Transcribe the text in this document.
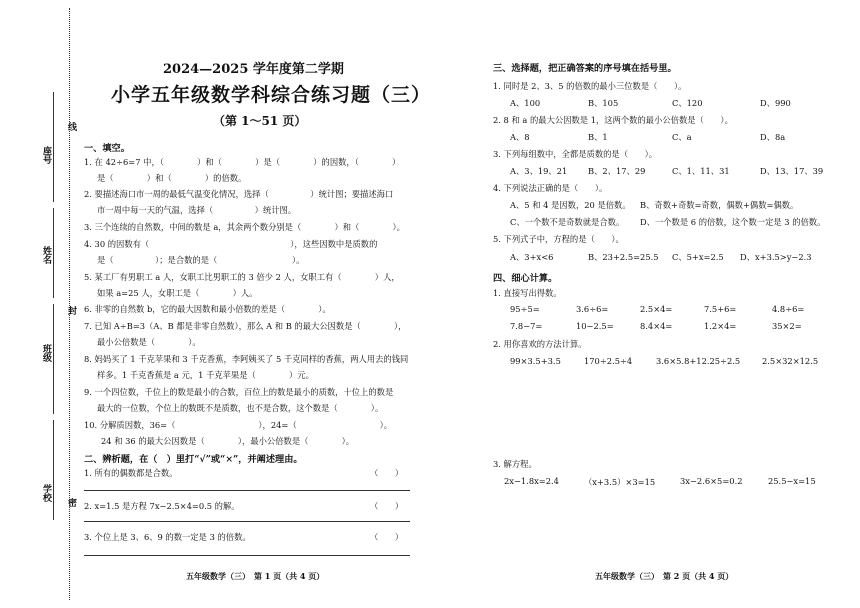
线
封
密
座号
姓名
班级
学校
2024—2025 学年度第二学期
小学五年级数学科综合练习题（三）
（第 1～51 页）
一、填空。
1. 在 42÷6=7 中，（　　　　）和（　　　　）是（　　　　）的因数，（　　　　）
是（　　　　）和（　　　　）的倍数。
2. 要描述海口市一周的最低气温变化情况，选择（　　　　　）统计图；要描述海口
市一周中每一天的气温，选择（　　　　　）统计图。
3. 三个连续的自然数，中间的数是 a，其余两个数分别是（　　　　）和（　　　　）。
4. 30 的因数有（　　　　　　　　　　　　　　　　　），这些因数中是质数的
是（　　　　　）；是合数的是（　　　　　　　　　）。
5. 某工厂有男职工 a 人，女职工比男职工的 3 倍少 2 人，女职工有（　　　　）人，
如果 a=25 人，女职工是（　　　　）人。
6. 非零的自然数 b，它的最大因数和最小倍数的差是（　　　　）。
7. 已知 A÷B=3（A、B 都是非零自然数），那么 A 和 B 的最大公因数是（　　　　），
最小公倍数是（　　　　）。
8. 妈妈买了 1 千克苹果和 3 千克香蕉，李阿姨买了 5 千克同样的香蕉，两人用去的钱同
样多。1 千克香蕉是 a 元，1 千克苹果是（　　　　）元。
9. 一个四位数，千位上的数是最小的合数，百位上的数是最小的质数，十位上的数是
最大的一位数，个位上的数既不是质数，也不是合数，这个数是（　　　　）。
10. 分解质因数，36=（　　　　　　　　　　），24=（　　　　　　　　　　）。
24 和 36 的最大公因数是（　　　　），最小公倍数是（　　　　）。
二、辨析题，在（　）里打“√”或“×”，并阐述理由。
1. 所有的偶数都是合数。	（　　）
2. x=1.5 是方程 7x−2.5×4=0.5 的解。	（　　）
3. 个位上是 3、6、9 的数一定是 3 的倍数。	（　　）
五年级数学（三）　第 1 页（共 4 页）
三、选择题，把正确答案的序号填在括号里。
1. 同时是 2、3、5 的倍数的最小三位数是（　　）。
A、100	B、105	C、120	D、990
2. 8 和 a 的最大公因数是 1，这两个数的最小公倍数是（　　）。
A、8	B、1	C、a	D、8a
3. 下列每组数中，全都是质数的是（　　）。
A、3、19、21 B、2、17、29	C、1、11、31	D、13、17、39
4. 下列说法正确的是（　　）。
A、5 和 4 是因数，20 是倍数。 B、奇数+奇数=奇数，偶数+偶数=偶数。
C、一个数不是奇数就是合数。 D、一个数是 6 的倍数，这个数一定是 3 的倍数。
5. 下列式子中，方程的是（　　）。
A、3+x<6	B、23+2.5=25.5 C、5+x=2.5 D、x+3.5>y−2.3
四、细心计算。
1. 直接写出得数。
95÷5=	3.6÷6=	2.5×4=	7.5+6=	4.8÷6=
7.8−7=	10−2.5=	8.4×4=	1.2×4=	35×2=
2. 用你喜欢的方法计算。
99×3.5+3.5	170÷2.5÷4	3.6×5.8+12.25÷2.5	2.5×32×12.5
3. 解方程。
2x−1.8x=2.4	（x+3.5）×3=15	3x−2.6×5=0.2	25.5−x=15
五年级数学（三）　第 2 页（共 4 页）
